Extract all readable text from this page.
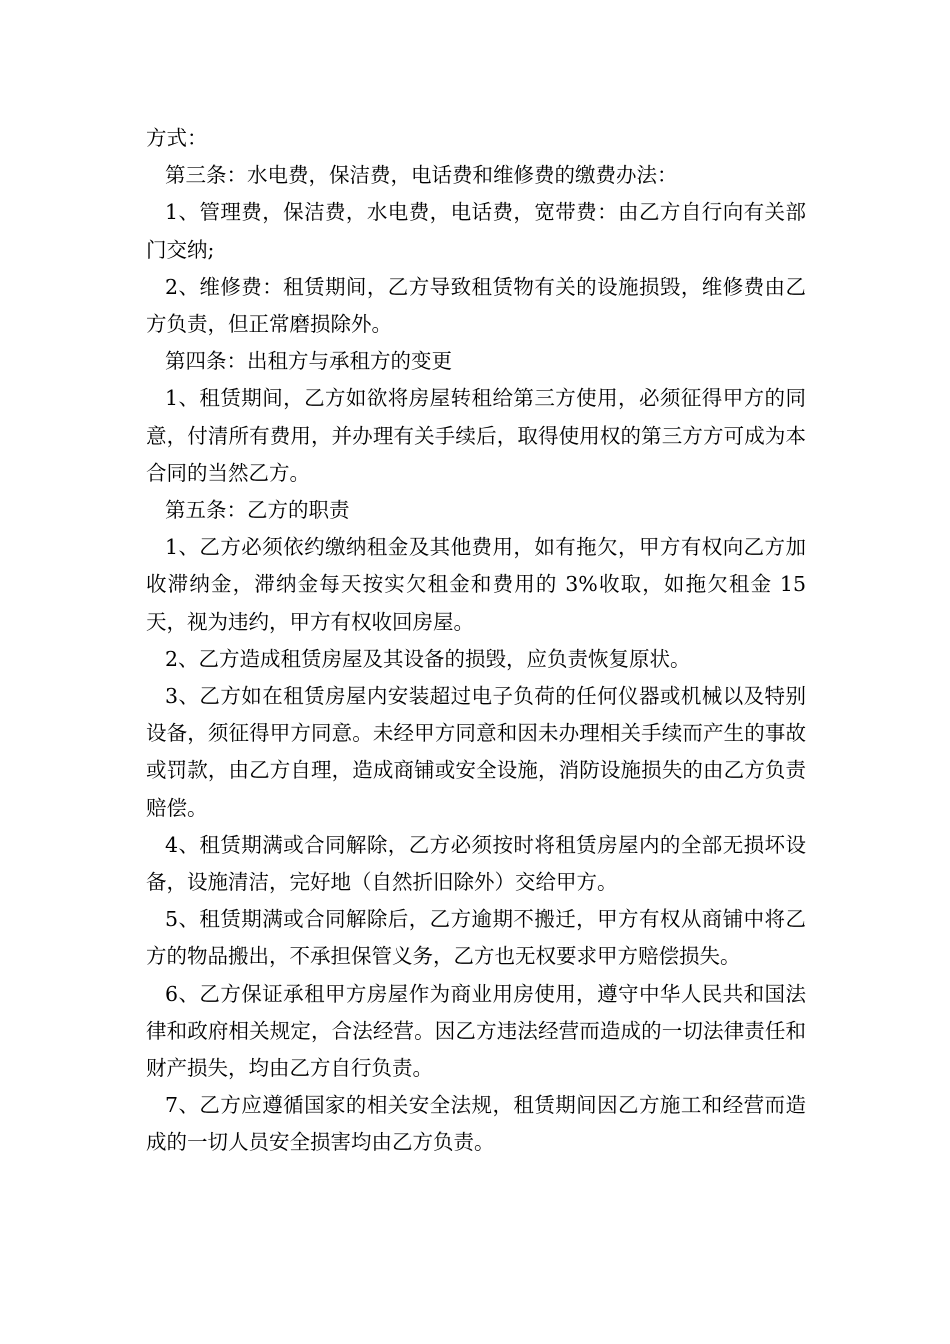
方式：

第三条：水电费，保洁费，电话费和维修费的缴费办法：

1、管理费，保洁费，水电费，电话费，宽带费：由乙方自行向有关部门交纳;

2、维修费：租赁期间，乙方导致租赁物有关的设施损毁，维修费由乙方负责，但正常磨损除外。

第四条：出租方与承租方的变更

1、租赁期间，乙方如欲将房屋转租给第三方使用，必须征得甲方的同意，付清所有费用，并办理有关手续后，取得使用权的第三方方可成为本合同的当然乙方。

第五条：乙方的职责

1、乙方必须依约缴纳租金及其他费用，如有拖欠，甲方有权向乙方加收滞纳金，滞纳金每天按实欠租金和费用的 3%收取，如拖欠租金 15 天，视为违约，甲方有权收回房屋。

2、乙方造成租赁房屋及其设备的损毁，应负责恢复原状。

3、乙方如在租赁房屋内安装超过电子负荷的任何仪器或机械以及特别设备，须征得甲方同意。未经甲方同意和因未办理相关手续而产生的事故或罚款，由乙方自理，造成商铺或安全设施，消防设施损失的由乙方负责赔偿。

4、租赁期满或合同解除，乙方必须按时将租赁房屋内的全部无损坏设备，设施清洁，完好地（自然折旧除外）交给甲方。

5、租赁期满或合同解除后，乙方逾期不搬迁，甲方有权从商铺中将乙方的物品搬出，不承担保管义务，乙方也无权要求甲方赔偿损失。

6、乙方保证承租甲方房屋作为商业用房使用，遵守中华人民共和国法律和政府相关规定，合法经营。因乙方违法经营而造成的一切法律责任和财产损失，均由乙方自行负责。

7、乙方应遵循国家的相关安全法规，租赁期间因乙方施工和经营而造成的一切人员安全损害均由乙方负责。
